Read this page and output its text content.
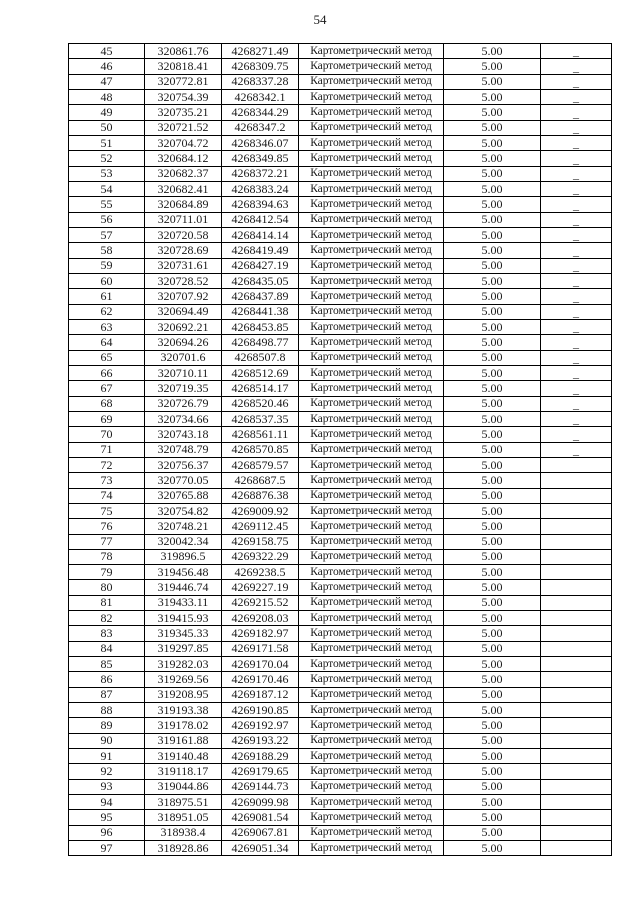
54
45	320861.76	4268271.49	Картометрический метод	5.00	_
46	320818.41	4268309.75	Картометрический метод	5.00	_
47	320772.81	4268337.28	Картометрический метод	5.00	_
48	320754.39	4268342.1	Картометрический метод	5.00	_
49	320735.21	4268344.29	Картометрический метод	5.00	_
50	320721.52	4268347.2	Картометрический метод	5.00	_
51	320704.72	4268346.07	Картометрический метод	5.00	_
52	320684.12	4268349.85	Картометрический метод	5.00	_
53	320682.37	4268372.21	Картометрический метод	5.00	_
54	320682.41	4268383.24	Картометрический метод	5.00	_
55	320684.89	4268394.63	Картометрический метод	5.00	_
56	320711.01	4268412.54	Картометрический метод	5.00	_
57	320720.58	4268414.14	Картометрический метод	5.00	_
58	320728.69	4268419.49	Картометрический метод	5.00	_
59	320731.61	4268427.19	Картометрический метод	5.00	_
60	320728.52	4268435.05	Картометрический метод	5.00	_
61	320707.92	4268437.89	Картометрический метод	5.00	_
62	320694.49	4268441.38	Картометрический метод	5.00	_
63	320692.21	4268453.85	Картометрический метод	5.00	_
64	320694.26	4268498.77	Картометрический метод	5.00	_
65	320701.6	4268507.8	Картометрический метод	5.00	_
66	320710.11	4268512.69	Картометрический метод	5.00	_
67	320719.35	4268514.17	Картометрический метод	5.00	_
68	320726.79	4268520.46	Картометрический метод	5.00	_
69	320734.66	4268537.35	Картометрический метод	5.00	_
70	320743.18	4268561.11	Картометрический метод	5.00	_
71	320748.79	4268570.85	Картометрический метод	5.00	_
72	320756.37	4268579.57	Картометрический метод	5.00	
73	320770.05	4268687.5	Картометрический метод	5.00	
74	320765.88	4268876.38	Картометрический метод	5.00	
75	320754.82	4269009.92	Картометрический метод	5.00	
76	320748.21	4269112.45	Картометрический метод	5.00	
77	320042.34	4269158.75	Картометрический метод	5.00	
78	319896.5	4269322.29	Картометрический метод	5.00	
79	319456.48	4269238.5	Картометрический метод	5.00	
80	319446.74	4269227.19	Картометрический метод	5.00	
81	319433.11	4269215.52	Картометрический метод	5.00	
82	319415.93	4269208.03	Картометрический метод	5.00	
83	319345.33	4269182.97	Картометрический метод	5.00	
84	319297.85	4269171.58	Картометрический метод	5.00	
85	319282.03	4269170.04	Картометрический метод	5.00	
86	319269.56	4269170.46	Картометрический метод	5.00	
87	319208.95	4269187.12	Картометрический метод	5.00	
88	319193.38	4269190.85	Картометрический метод	5.00	
89	319178.02	4269192.97	Картометрический метод	5.00	
90	319161.88	4269193.22	Картометрический метод	5.00	
91	319140.48	4269188.29	Картометрический метод	5.00	
92	319118.17	4269179.65	Картометрический метод	5.00	
93	319044.86	4269144.73	Картометрический метод	5.00	
94	318975.51	4269099.98	Картометрический метод	5.00	
95	318951.05	4269081.54	Картометрический метод	5.00	
96	318938.4	4269067.81	Картометрический метод	5.00	
97	318928.86	4269051.34	Картометрический метод	5.00	
